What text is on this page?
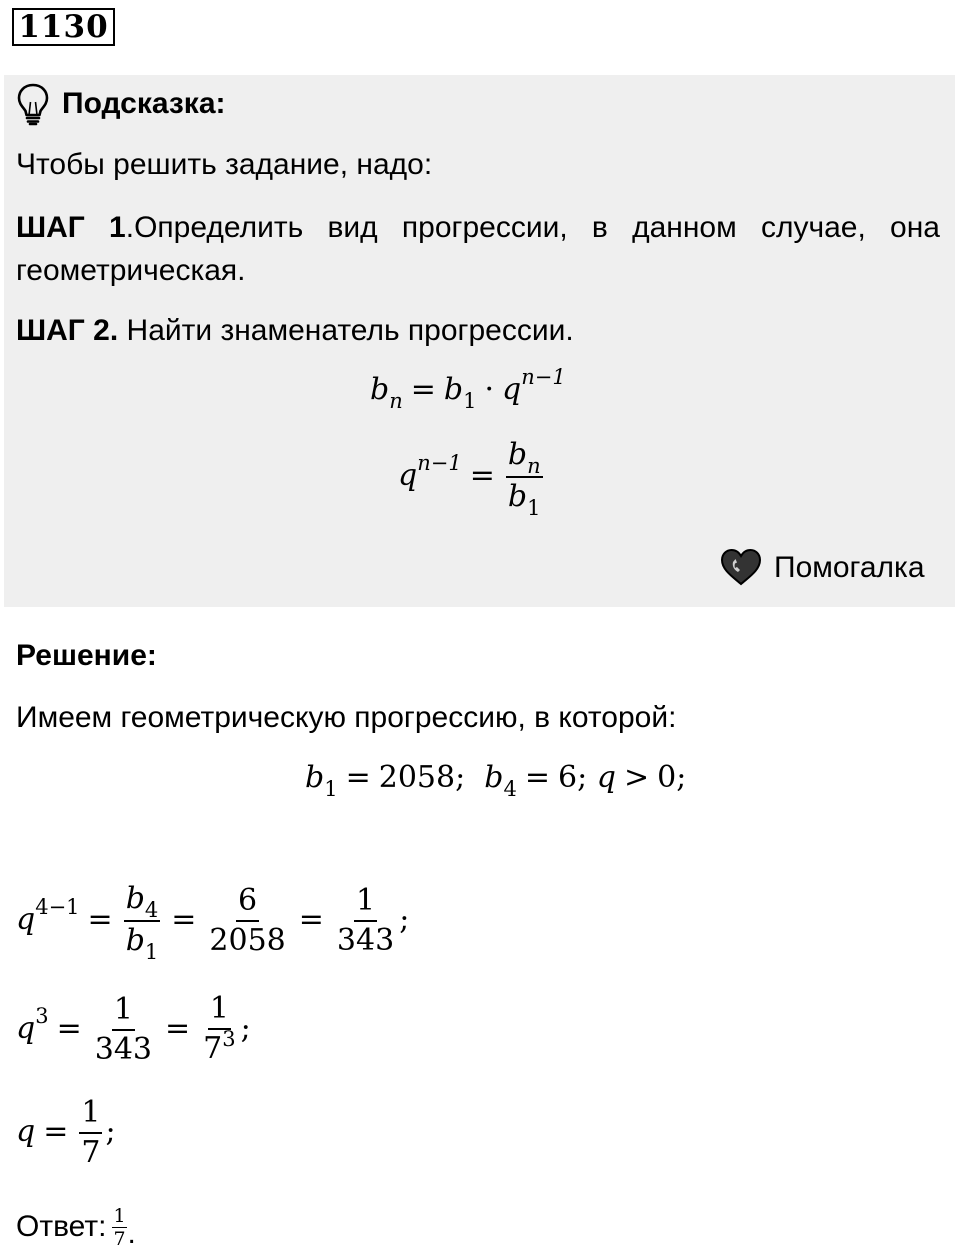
1130
Подсказка:
Чтобы решить задание, надо:
ШАГ 1.Определить вид прогрессии, в данном случае, она геометрическая.
ШАГ 2. Найти знаменатель прогрессии.
$b_n = b_1 \cdot q^{n-1}$
$q^{n-1} = \frac{b_n}{b_1}$
Помогалка
Решение:
Имеем геометрическую прогрессию, в которой:
$b_1 = 2058$;  $b_4 = 6$; q > 0;
$q^{4-1} = \frac{b_4}{b_1} = \frac{6}{2058} = \frac{1}{343}$ ;
$q^3 = \frac{1}{343} = \frac{1}{7^3}$ ;
$q = \frac{1}{7}$ ;
Ответ: $\frac{1}{7}$ .
